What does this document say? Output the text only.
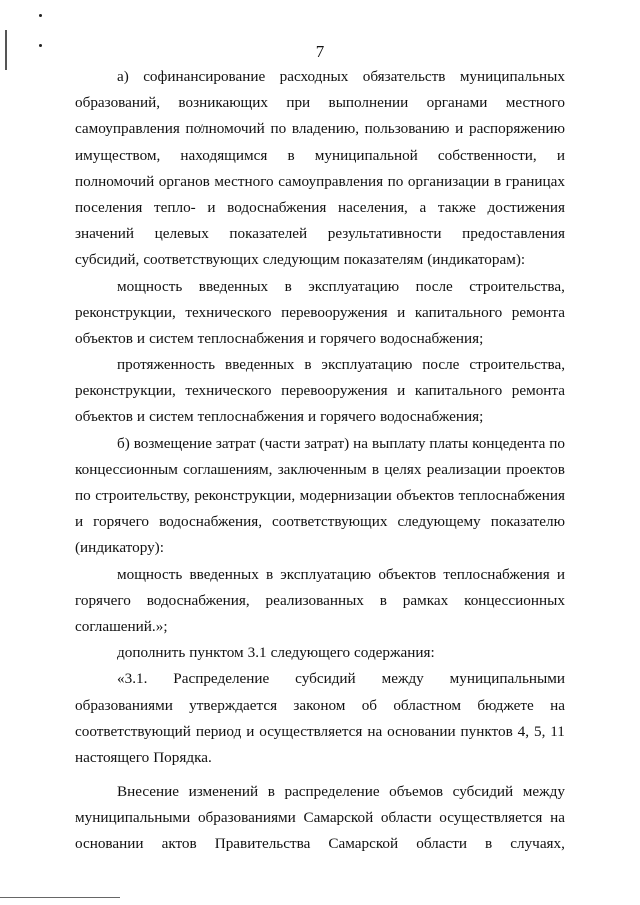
7
а) софинансирование расходных обязательств муниципальных
образований, возникающих при выполнении органами местного
самоуправления полномочий по владению, пользованию и распоряжению
имуществом, находящимся в муниципальной собственности, и
полномочий органов местного самоуправления по организации в границах
поселения тепло- и водоснабжения населения, а также достижения
значений целевых показателей результативности предоставления
субсидий, соответствующих следующим показателям (индикаторам):
мощность введенных в эксплуатацию после строительства,
реконструкции, технического перевооружения и капитального ремонта
объектов и систем теплоснабжения и горячего водоснабжения;
протяженность введенных в эксплуатацию после строительства,
реконструкции, технического перевооружения и капитального ремонта
объектов и систем теплоснабжения и горячего водоснабжения;
б) возмещение затрат (части затрат) на выплату платы концедента по
концессионным соглашениям, заключенным в целях реализации проектов
по строительству, реконструкции, модернизации объектов теплоснабжения
и горячего водоснабжения, соответствующих следующему показателю
(индикатору):
мощность введенных в эксплуатацию объектов теплоснабжения и
горячего водоснабжения, реализованных в рамках концессионных
соглашений.»;
дополнить пунктом 3.1 следующего содержания:
«3.1. Распределение субсидий между муниципальными
образованиями утверждается законом об областном бюджете на
соответствующий период и осуществляется на основании пунктов 4, 5, 11
настоящего Порядка.
Внесение изменений в распределение объемов субсидий между
муниципальными образованиями Самарской области осуществляется на
основании актов Правительства Самарской области в случаях,
